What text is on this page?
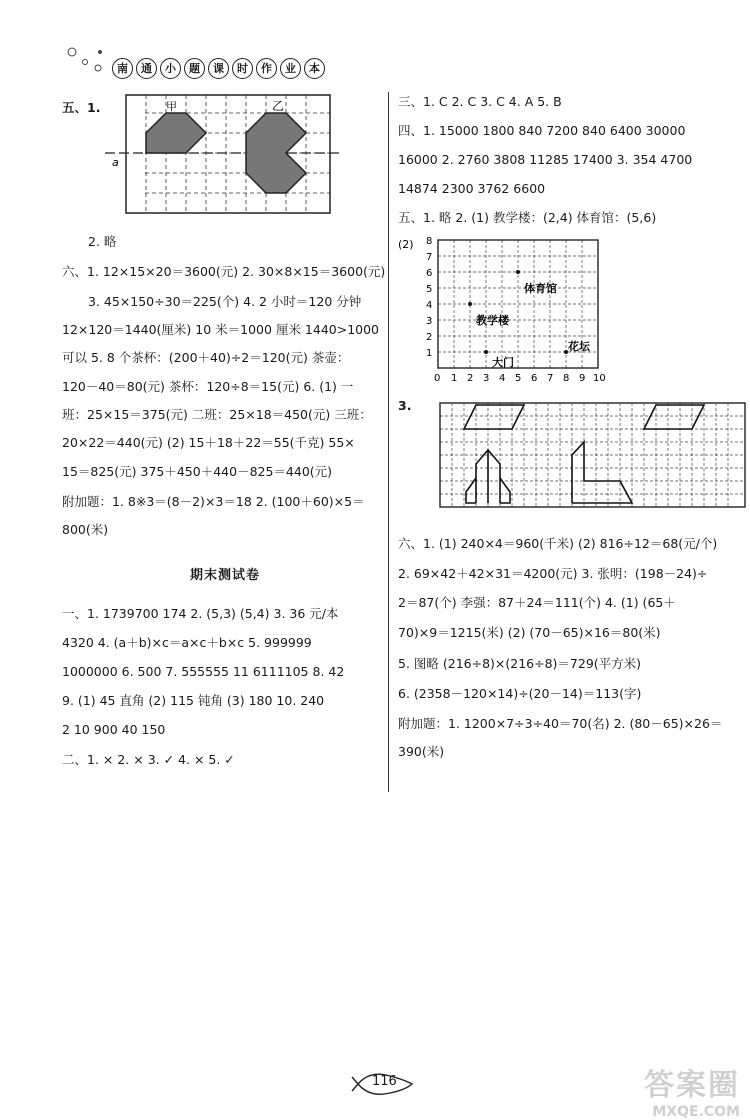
南	通	小	题	课	时	作	业	本
五、1.	甲	乙
a
2. 略
六、1. 12×15×20＝3600(元) 2. 30×8×15＝3600(元)
3. 45×150÷30＝225(个) 4. 2 小时＝120 分钟
12×120＝1440(厘米) 10 米＝1000 厘米 1440>1000
可以 5. 8 个茶杯：(200＋40)÷2＝120(元) 茶壶：
120－40＝80(元) 茶杯：120÷8＝15(元) 6. (1) 一
班：25×15＝375(元) 二班：25×18＝450(元) 三班：
20×22＝440(元) (2) 15＋18＋22＝55(千克) 55×
15＝825(元) 375＋450＋440－825＝440(元)
附加题：1. 8※3＝(8－2)×3＝18 2. (100＋60)×5＝
800(米)
期末测试卷
一、1. 1739700 174 2. (5,3) (5,4) 3. 36 元/本
4320 4. (a＋b)×c＝a×c＋b×c 5. 999999
1000000 6. 500 7. 555555 11 6111105 8. 42
9. (1) 45 直角 (2) 115 钝角 (3) 180 10. 240
2 10 900 40 150
二、1. × 2. × 3. ✓ 4. × 5. ✓
三、1. C 2. C 3. C 4. A 5. B
四、1. 15000 1800 840 7200 840 6400 30000
16000 2. 2760 3808 11285 17400 3. 354 4700
14874 2300 3762 6600
五、1. 略 2. (1) 教学楼：(2,4) 体育馆：(5,6)
(2)
0 1 2 3 4 5 6 7 8 9 10
1
2
3
4
5
6
7
8
体育馆
教学楼
花坛
大门
3.
六、1. (1) 240×4＝960(千米) (2) 816÷12＝68(元/个)
2. 69×42＋42×31＝4200(元) 3. 张明：(198－24)÷
2＝87(个) 李强：87＋24＝111(个) 4. (1) (65＋
70)×9＝1215(米) (2) (70－65)×16＝80(米)
5. 图略 (216÷8)×(216÷8)＝729(平方米)
6. (2358－120×14)÷(20－14)＝113(字)
附加题：1. 1200×7÷3÷40＝70(名) 2. (80－65)×26＝
390(米)
116	答案圈
MXQE.COM
